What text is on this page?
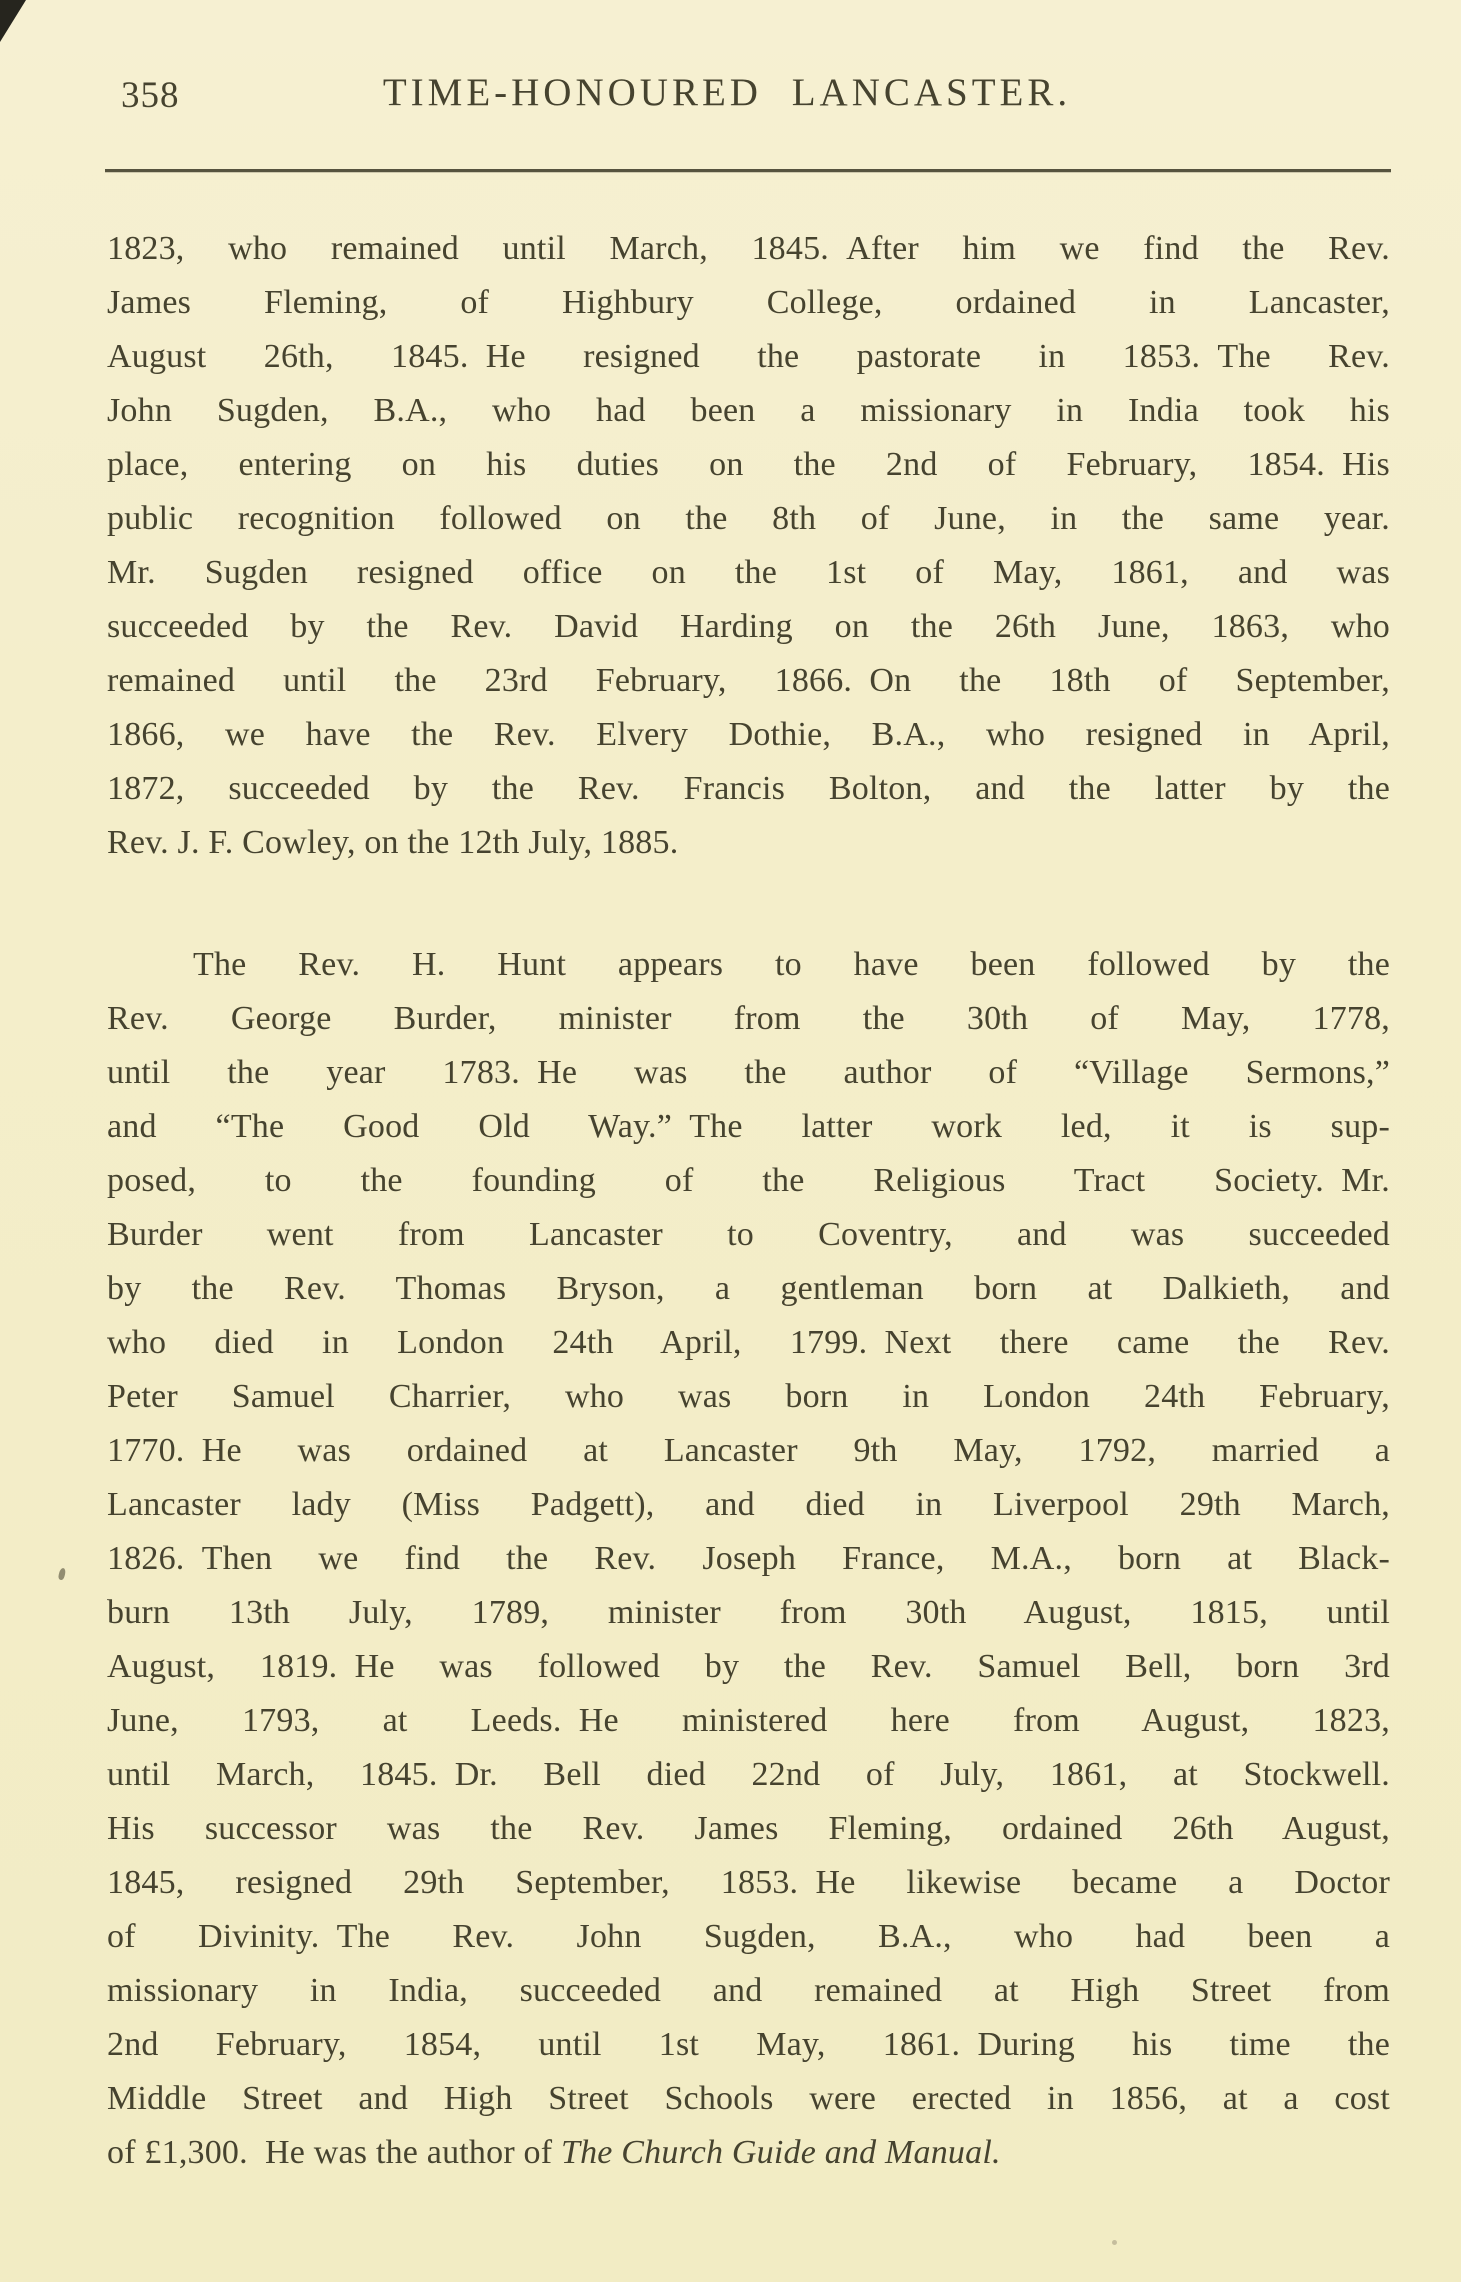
358	TIME-HONOURED LANCASTER.
1823, who remained until March, 1845. After him we find the Rev.
James Fleming, of Highbury College, ordained in Lancaster,
August 26th, 1845. He resigned the pastorate in 1853. The Rev.
John Sugden, B.A., who had been a missionary in India took his
place, entering on his duties on the 2nd of February, 1854. His
public recognition followed on the 8th of June, in the same year.
Mr. Sugden resigned office on the 1st of May, 1861, and was
succeeded by the Rev. David Harding on the 26th June, 1863, who
remained until the 23rd February, 1866. On the 18th of September,
1866, we have the Rev. Elvery Dothie, B.A., who resigned in April,
1872, succeeded by the Rev. Francis Bolton, and the latter by the
Rev. J. F. Cowley, on the 12th July, 1885.
The Rev. H. Hunt appears to have been followed by the
Rev. George Burder, minister from the 30th of May, 1778,
until the year 1783. He was the author of “Village Sermons,”
and “The Good Old Way.” The latter work led, it is sup-
posed, to the founding of the Religious Tract Society. Mr.
Burder went from Lancaster to Coventry, and was succeeded
by the Rev. Thomas Bryson, a gentleman born at Dalkieth, and
who died in London 24th April, 1799. Next there came the Rev.
Peter Samuel Charrier, who was born in London 24th February,
1770. He was ordained at Lancaster 9th May, 1792, married a
Lancaster lady (Miss Padgett), and died in Liverpool 29th March,
1826. Then we find the Rev. Joseph France, M.A., born at Black-
burn 13th July, 1789, minister from 30th August, 1815, until
August, 1819. He was followed by the Rev. Samuel Bell, born 3rd
June, 1793, at Leeds. He ministered here from August, 1823,
until March, 1845. Dr. Bell died 22nd of July, 1861, at Stockwell.
His successor was the Rev. James Fleming, ordained 26th August,
1845, resigned 29th September, 1853. He likewise became a Doctor
of Divinity. The Rev. John Sugden, B.A., who had been a
missionary in India, succeeded and remained at High Street from
2nd February, 1854, until 1st May, 1861. During his time the
Middle Street and High Street Schools were erected in 1856, at a cost
of £1,300. He was the author of The Church Guide and Manual.
